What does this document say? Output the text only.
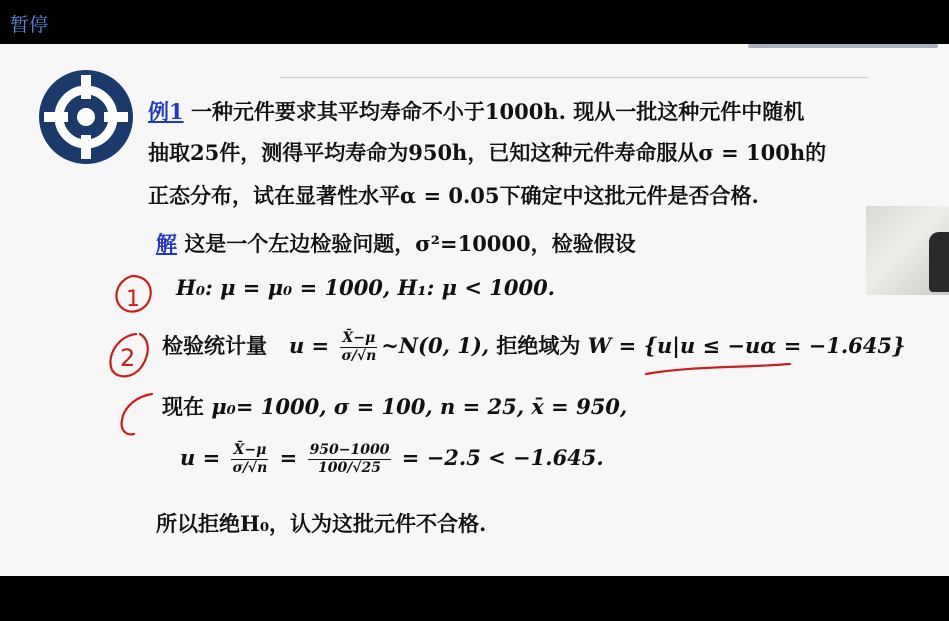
暂停
例1 一种元件要求其平均寿命不小于1000h. 现从一批这种元件中随机
抽取25件，测得平均寿命为950h，已知这种元件寿命服从σ = 100h的
正态分布，试在显著性水平α = 0.05下确定中这批元件是否合格.
解 这是一个左边检验问题，σ²=10000，检验假设
H₀: μ = μ₀ = 1000, H₁: μ < 1000.
检验统计量 $u = \frac{X̄-\mu}{\sigma/√n}$ ~N(0, 1), 拒绝域为 W = {u|u ≤ −uα = −1.645}
现在 μ₀= 1000, σ = 100, n = 25, x̄ = 950,
$u = \frac{X̄-\mu}{\sigma/√n} = \frac{950-1000}{100/√25} = -2.5 < -1.645$.
所以拒绝H₀，认为这批元件不合格.
1
2
